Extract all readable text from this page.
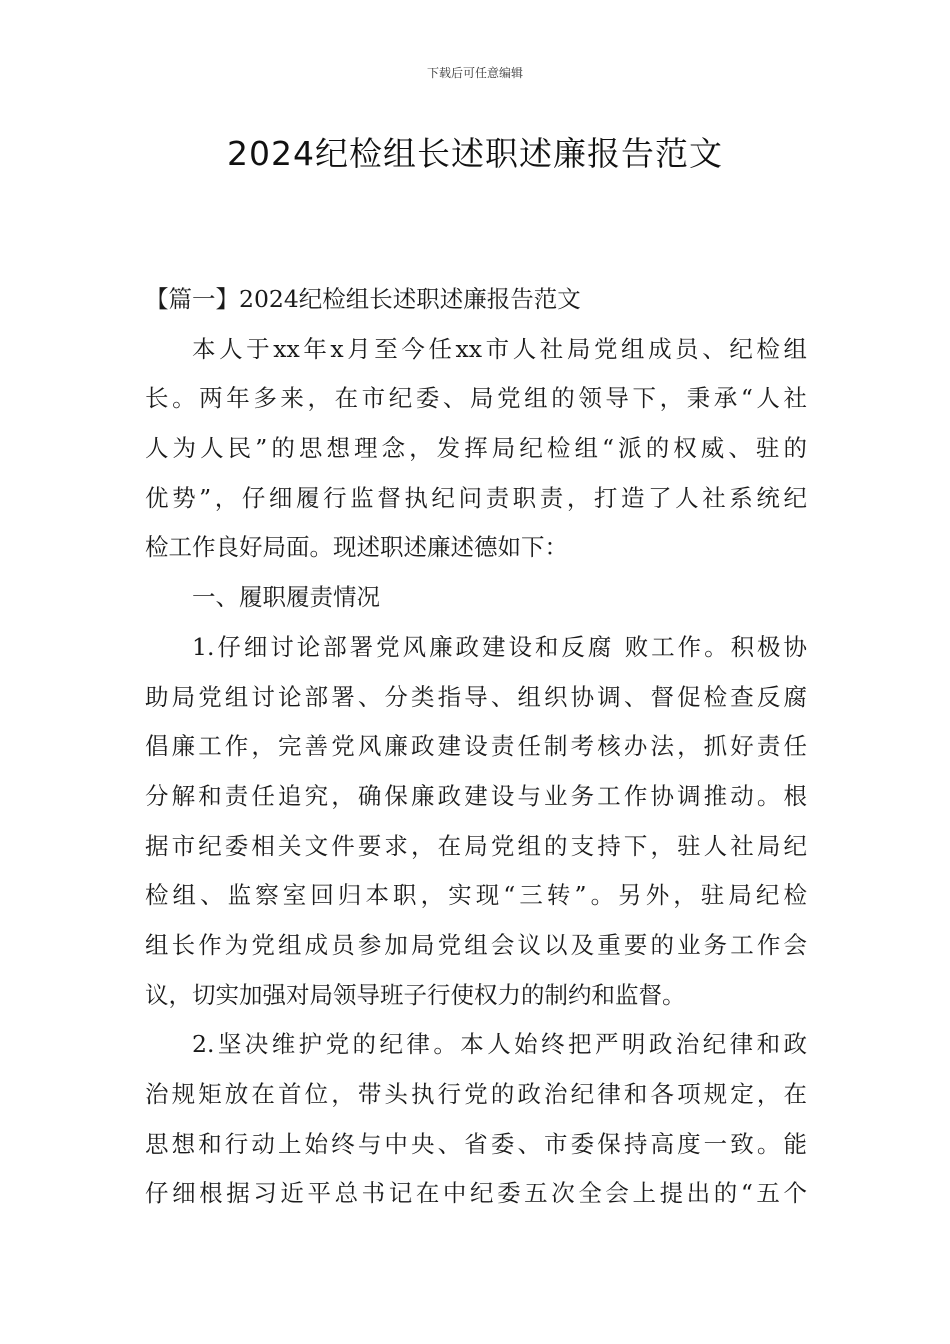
下载后可任意编辑
2024纪检组长述职述廉报告范文
【篇一】2024纪检组长述职述廉报告范文
本人于xx年x月至今任xx市人社局党组成员、纪检组
长。两年多来，在市纪委、局党组的领导下，秉承“人社
人为人民”的思想理念，发挥局纪检组“派的权威、驻的
优势”，仔细履行监督执纪问责职责，打造了人社系统纪
检工作良好局面。现述职述廉述德如下：
一、履职履责情况
1.仔细讨论部署党风廉政建设和反腐 败工作。积极协
助局党组讨论部署、分类指导、组织协调、督促检查反腐
倡廉工作，完善党风廉政建设责任制考核办法，抓好责任
分解和责任追究，确保廉政建设与业务工作协调推动。根
据市纪委相关文件要求，在局党组的支持下，驻人社局纪
检组、监察室回归本职，实现“三转”。另外，驻局纪检
组长作为党组成员参加局党组会议以及重要的业务工作会
议，切实加强对局领导班子行使权力的制约和监督。
2.坚决维护党的纪律。本人始终把严明政治纪律和政
治规矩放在首位，带头执行党的政治纪律和各项规定，在
思想和行动上始终与中央、省委、市委保持高度一致。能
仔细根据习近平总书记在中纪委五次全会上提出的“五个
